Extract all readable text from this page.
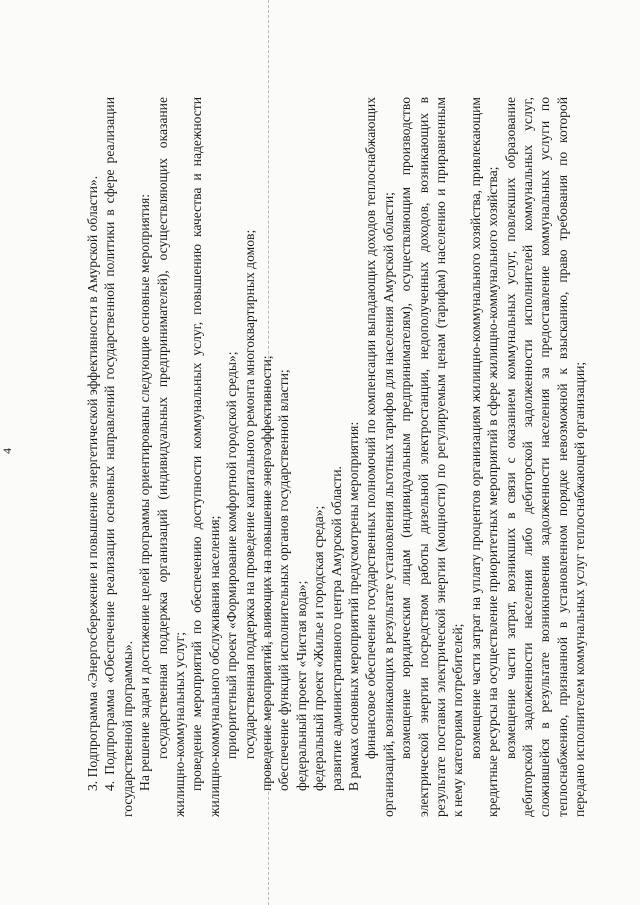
4	3. Подпрограмма «Энергосбережение и повышение энергетической эффективности в Амурской области». 4. Подпрограмма «Обеспечение реализации основных направлений государственной политики в сфере реализации государственной программы». На решение задач и достижение целей программы ориентированы следующие основные мероприятия: государственная поддержка организаций (индивидуальных предпринимателей), осуществляющих оказание жилищно-коммунальных услуг; проведение мероприятий по обеспечению доступности коммунальных услуг, повышению качества и надежности жилищно-коммунального обслуживания населения; приоритетный проект «Формирование комфортной городской среды»; государственная поддержка на проведение капитального ремонта многоквартирных домов; проведение мероприятий, влияющих на повышение энергоэффективности; обеспечение функций исполнительных органов государственной власти; федеральный проект «Чистая вода»; федеральный проект «Жилье и городская среда»; развитие административного центра Амурской области. В рамках основных мероприятий предусмотрены мероприятия: финансовое обеспечение государственных полномочий по компенсации выпадающих доходов теплоснабжающих организаций, возникающих в результате установления льготных тарифов для населения Амурской области; возмещение юридическим лицам (индивидуальным предпринимателям), осуществляющим производство электрической энергии посредством работы дизельной электростанции, недополученных доходов, возникающих в результате поставки электрической энергии (мощности) по регулируемым ценам (тарифам) населению и приравненным к нему категориям потребителей; возмещение части затрат на уплату процентов организациям жилищно-коммунального хозяйства, привлекающим кредитные ресурсы на осуществление приоритетных мероприятий в сфере жилищно-коммунального хозяйства; возмещение части затрат, возникших в связи с оказанием коммунальных услуг, повлекших образование дебиторской задолженности населения либо дебиторской задолженности исполнителей коммунальных услуг, сложившейся в результате возникновения задолженности населения за предоставление коммунальных услуги по теплоснабжению, признанной в установленном порядке невозможной к взысканию, право требования по которой передано исполнителем коммунальных услуг теплоснабжающей организации;
